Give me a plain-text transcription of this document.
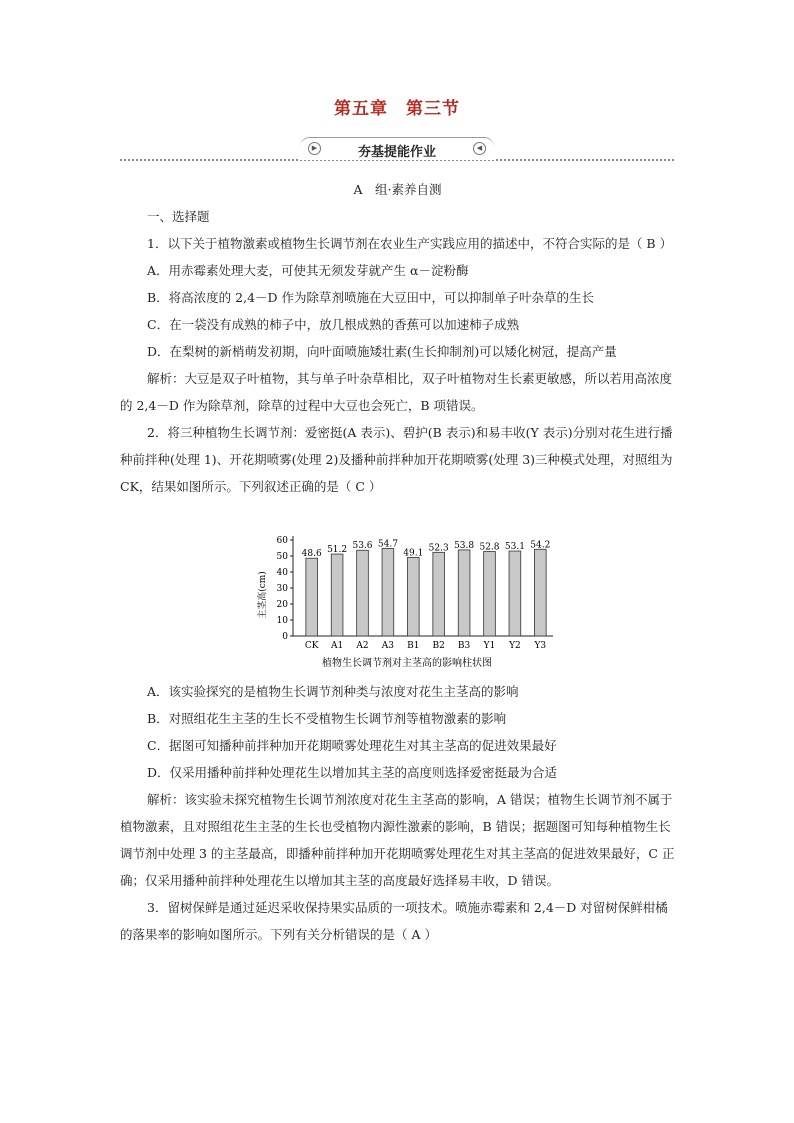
第五章　第三节
▶	夯基提能作业	◀

A　组·素养自测

一、选择题

1．以下关于植物激素或植物生长调节剂在农业生产实践应用的描述中，不符合实际的是（ B ）

A．用赤霉素处理大麦，可使其无须发芽就产生 α－淀粉酶

B．将高浓度的 2,4－D 作为除草剂喷施在大豆田中，可以抑制单子叶杂草的生长

C．在一袋没有成熟的柿子中，放几根成熟的香蕉可以加速柿子成熟

D．在梨树的新梢萌发初期，向叶面喷施矮壮素(生长抑制剂)可以矮化树冠，提高产量

解析：大豆是双子叶植物，其与单子叶杂草相比，双子叶植物对生长素更敏感，所以若用高浓度的 2,4－D 作为除草剂，除草的过程中大豆也会死亡，B 项错误。

2．将三种植物生长调节剂：爱密挺(A 表示)、碧护(B 表示)和易丰收(Y 表示)分别对花生进行播种前拌种(处理 1)、开花期喷雾(处理 2)及播种前拌种加开花期喷雾(处理 3)三种模式处理，对照组为 CK，结果如图所示。下列叙述正确的是（ C ）

0
10
20
30
40
50
60
48.6 51.2 53.6 54.7
49.1
52.3 53.8 52.8 53.1 54.2
CK A1 A2 A3 B1 B2 B3 Y1 Y2 Y3
主茎高(cm)
植物生长调节剂对主茎高的影响柱状图

A．该实验探究的是植物生长调节剂种类与浓度对花生主茎高的影响

B．对照组花生主茎的生长不受植物生长调节剂等植物激素的影响

C．据图可知播种前拌种加开花期喷雾处理花生对其主茎高的促进效果最好

D．仅采用播种前拌种处理花生以增加其主茎的高度则选择爱密挺最为合适

解析：该实验未探究植物生长调节剂浓度对花生主茎高的影响，A 错误；植物生长调节剂不属于植物激素，且对照组花生主茎的生长也受植物内源性激素的影响，B 错误；据题图可知每种植物生长调节剂中处理 3 的主茎最高，即播种前拌种加开花期喷雾处理花生对其主茎高的促进效果最好，C 正确；仅采用播种前拌种处理花生以增加其主茎的高度最好选择易丰收，D 错误。

3．留树保鲜是通过延迟采收保持果实品质的一项技术。喷施赤霉素和 2,4－D 对留树保鲜柑橘的落果率的影响如图所示。下列有关分析错误的是（ A ）
